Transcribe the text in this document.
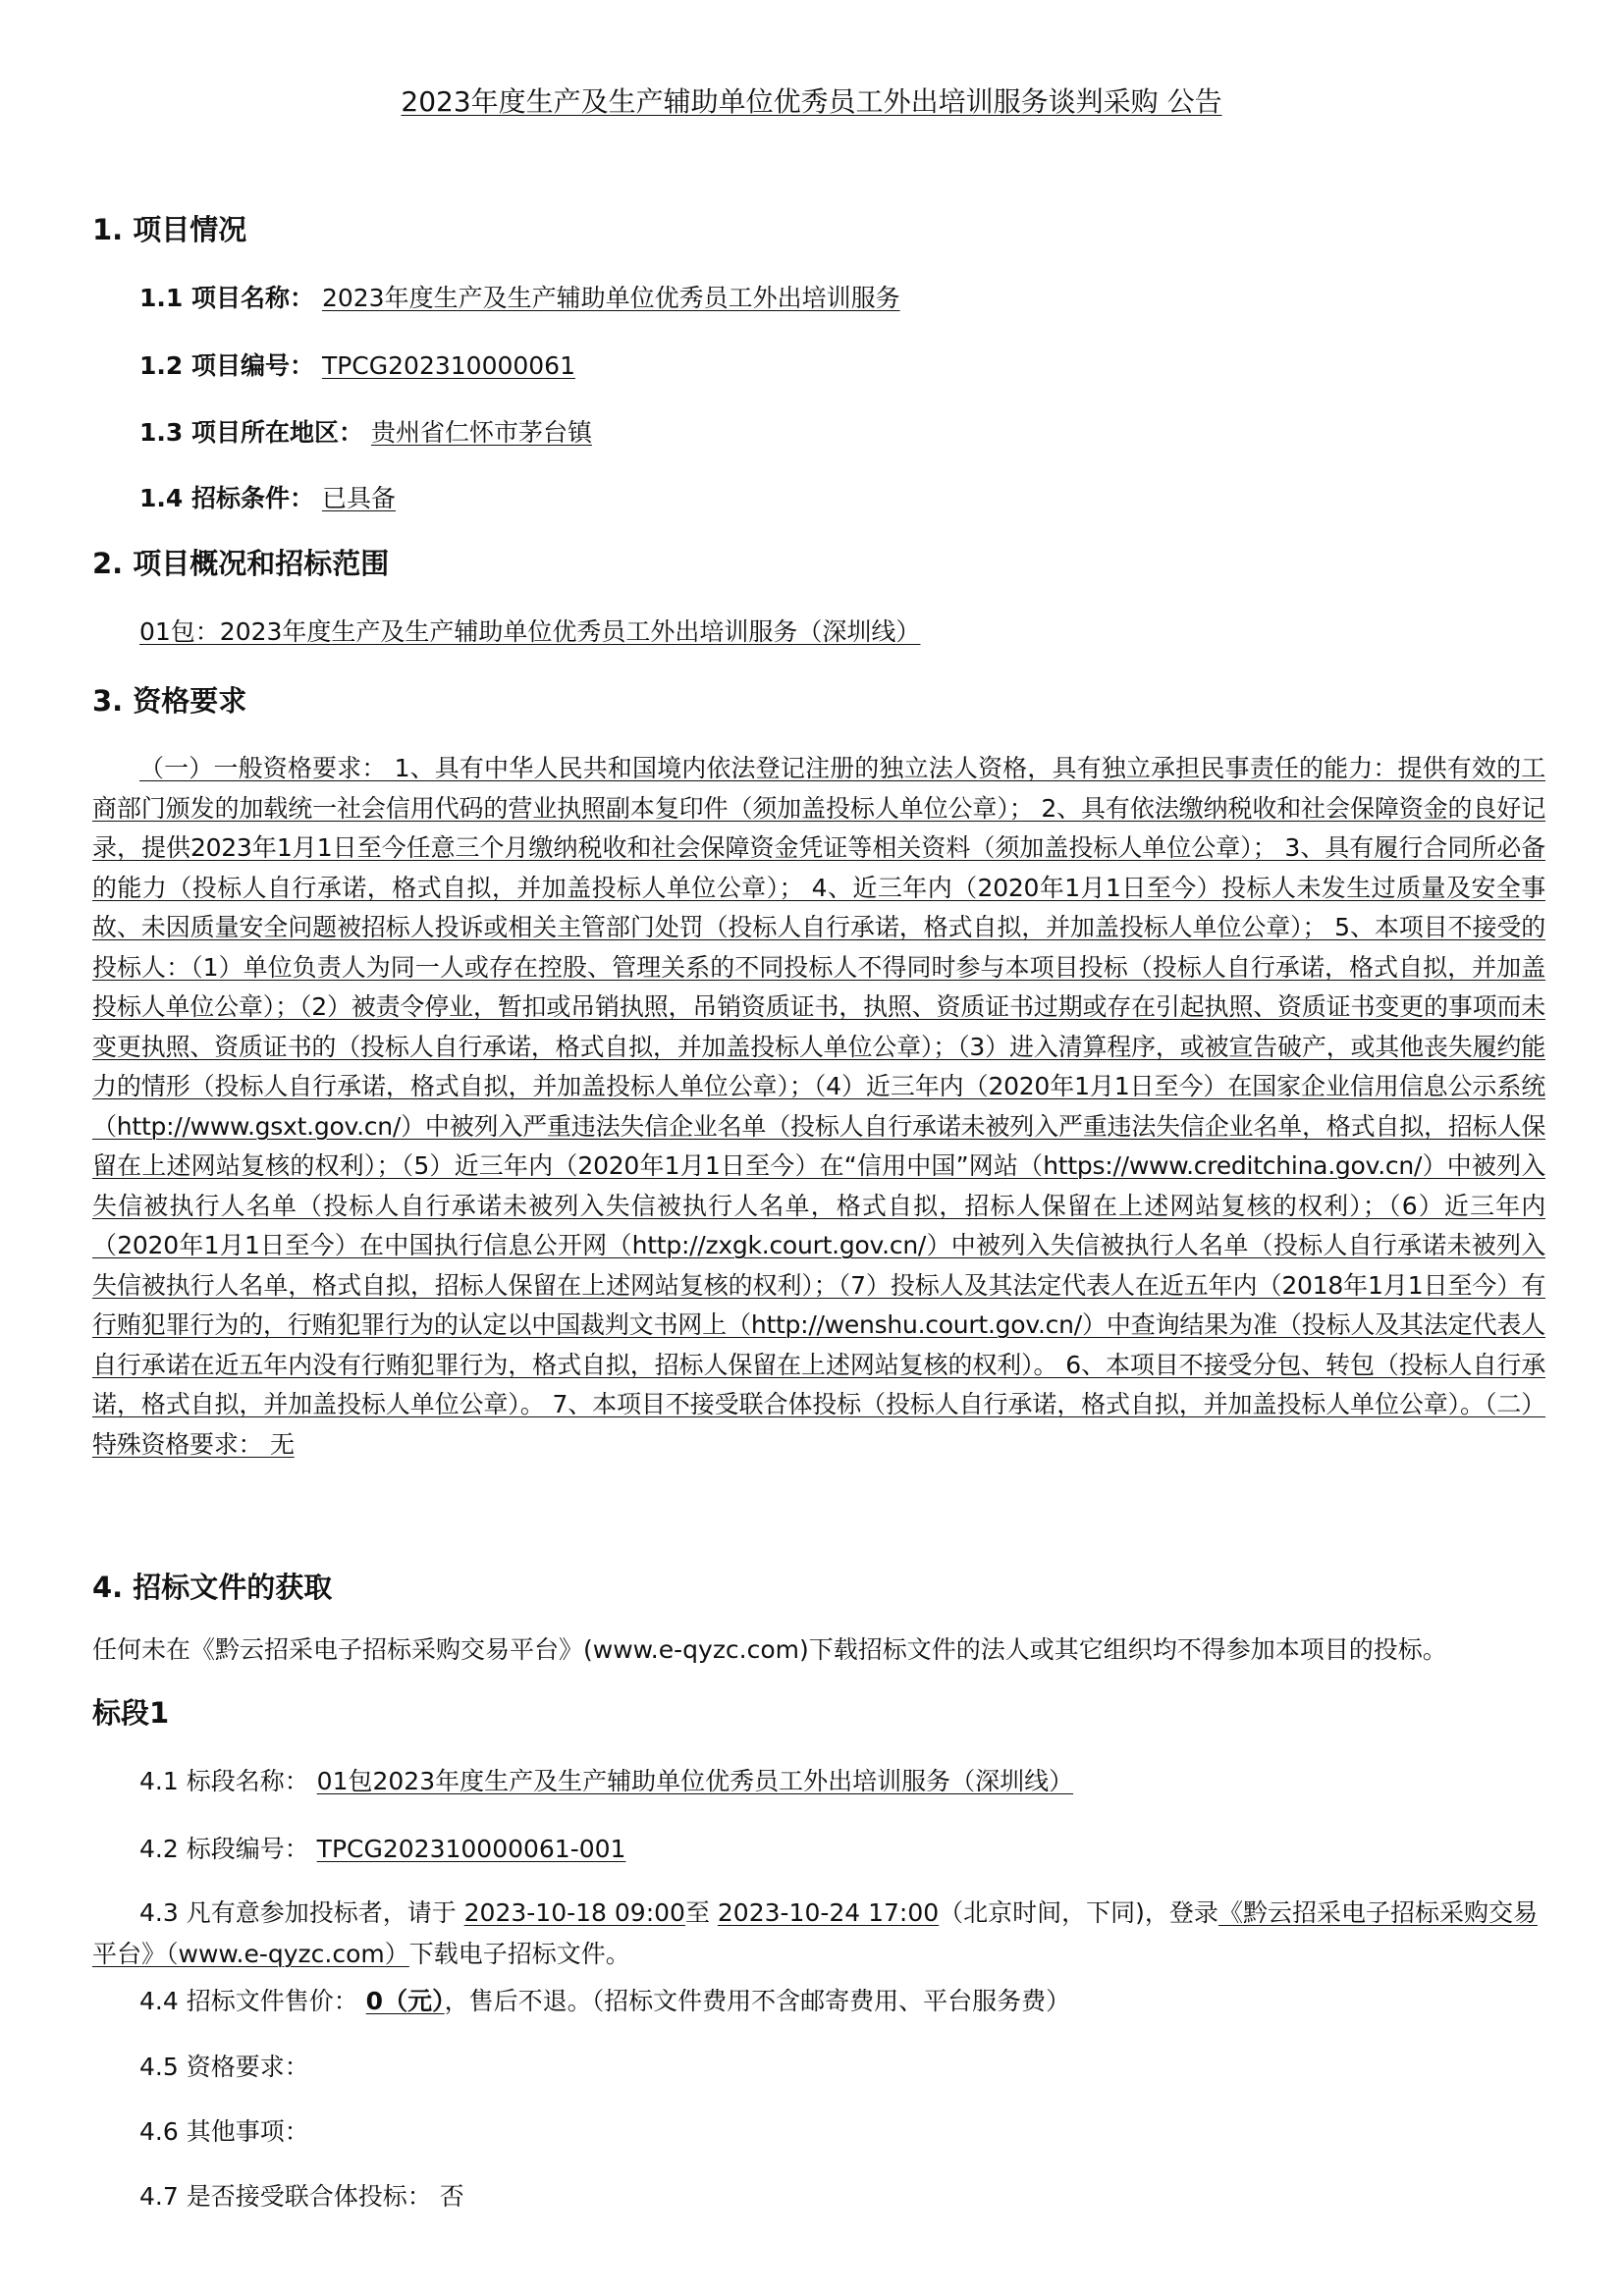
2023年度生产及生产辅助单位优秀员工外出培训服务谈判采购 公告
1. 项目情况
1.1 项目名称： 2023年度生产及生产辅助单位优秀员工外出培训服务
1.2 项目编号： TPCG202310000061
1.3 项目所在地区： 贵州省仁怀市茅台镇
1.4 招标条件： 已具备
2. 项目概况和招标范围
01包：2023年度生产及生产辅助单位优秀员工外出培训服务（深圳线）
3. 资格要求

（一）一般资格要求： 1、具有中华人民共和国境内依法登记注册的独立法人资格，具有独立承担民事责任的能力：提供有效的工商部门颁发的加载统一社会信用代码的营业执照副本复印件（须加盖投标人单位公章）； 2、具有依法缴纳税收和社会保障资金的良好记录，提供2023年1月1日至今任意三个月缴纳税收和社会保障资金凭证等相关资料（须加盖投标人单位公章）； 3、具有履行合同所必备的能力（投标人自行承诺，格式自拟，并加盖投标人单位公章）； 4、近三年内（2020年1月1日至今）投标人未发生过质量及安全事故、未因质量安全问题被招标人投诉或相关主管部门处罚（投标人自行承诺，格式自拟，并加盖投标人单位公章）； 5、本项目不接受的投标人：（1）单位负责人为同一人或存在控股、管理关系的不同投标人不得同时参与本项目投标（投标人自行承诺，格式自拟，并加盖投标人单位公章）；（2）被责令停业，暂扣或吊销执照，吊销资质证书，执照、资质证书过期或存在引起执照、资质证书变更的事项而未变更执照、资质证书的（投标人自行承诺，格式自拟，并加盖投标人单位公章）；（3）进入清算程序，或被宣告破产，或其他丧失履约能力的情形（投标人自行承诺，格式自拟，并加盖投标人单位公章）；（4）近三年内（2020年1月1日至今）在国家企业信用信息公示系统（http://www.gsxt.gov.cn/）中被列入严重违法失信企业名单（投标人自行承诺未被列入严重违法失信企业名单，格式自拟，招标人保留在上述网站复核的权利）；（5）近三年内（2020年1月1日至今）在“信用中国”网站（https://www.creditchina.gov.cn/）中被列入失信被执行人名单（投标人自行承诺未被列入失信被执行人名单，格式自拟，招标人保留在上述网站复核的权利）；（6）近三年内（2020年1月1日至今）在中国执行信息公开网（http://zxgk.court.gov.cn/）中被列入失信被执行人名单（投标人自行承诺未被列入失信被执行人名单，格式自拟，招标人保留在上述网站复核的权利）；（7）投标人及其法定代表人在近五年内（2018年1月1日至今）有行贿犯罪行为的，行贿犯罪行为的认定以中国裁判文书网上（http://wenshu.court.gov.cn/）中查询结果为准（投标人及其法定代表人自行承诺在近五年内没有行贿犯罪行为，格式自拟，招标人保留在上述网站复核的权利）。 6、本项目不接受分包、转包（投标人自行承诺，格式自拟，并加盖投标人单位公章）。 7、本项目不接受联合体投标（投标人自行承诺，格式自拟，并加盖投标人单位公章）。（二）特殊资格要求： 无

4. 招标文件的获取
任何未在《黔云招采电子招标采购交易平台》(www.e-qyzc.com)下载招标文件的法人或其它组织均不得参加本项目的投标。
标段1
4.1 标段名称： 01包2023年度生产及生产辅助单位优秀员工外出培训服务（深圳线）
4.2 标段编号： TPCG202310000061-001

4.3 凡有意参加投标者，请于 2023-10-18 09:00至 2023-10-24 17:00（北京时间，下同)，登录《黔云招采电子招标采购交易平台》（www.e-qyzc.com）下载电子招标文件。

4.4 招标文件售价： 0（元），售后不退。（招标文件费用不含邮寄费用、平台服务费）
4.5 资格要求：
4.6 其他事项：
4.7 是否接受联合体投标： 否
